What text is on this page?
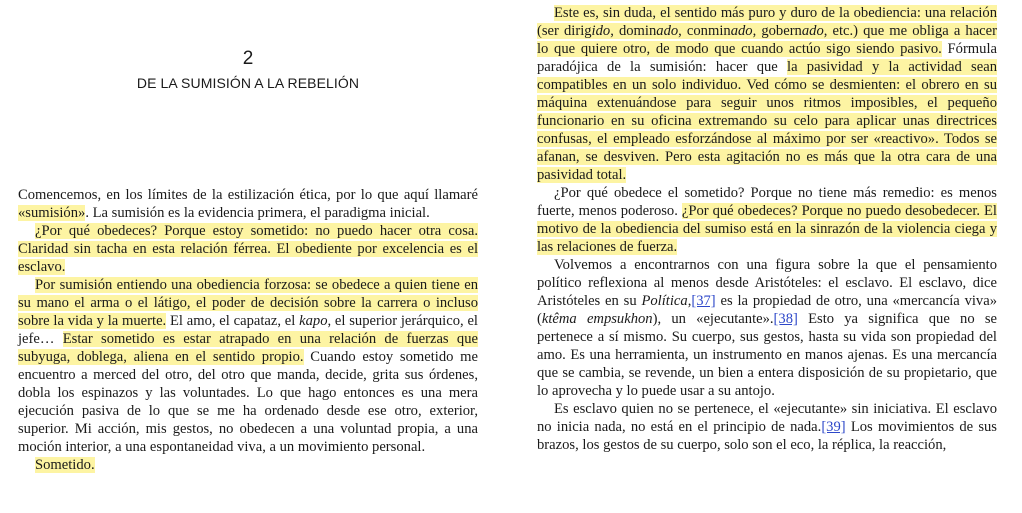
2
DE LA SUMISIÓN A LA REBELIÓN

Comencemos, en los límites de la estilización ética, por lo que aquí llamaré «sumisión». La sumisión es la evidencia primera, el paradigma inicial.

¿Por qué obedeces? Porque estoy sometido: no puedo hacer otra cosa. Claridad sin tacha en esta relación férrea. El obediente por excelencia es el esclavo.

Por sumisión entiendo una obediencia forzosa: se obedece a quien tiene en su mano el arma o el látigo, el poder de decisión sobre la carrera o incluso sobre la vida y la muerte. El amo, el capataz, el kapo, el superior jerárquico, el jefe… Estar sometido es estar atrapado en una relación de fuerzas que subyuga, doblega, aliena en el sentido propio. Cuando estoy sometido me encuentro a merced del otro, del otro que manda, decide, grita sus órdenes, dobla los espinazos y las voluntades. Lo que hago entonces es una mera ejecución pasiva de lo que se me ha ordenado desde ese otro, exterior, superior. Mi acción, mis gestos, no obedecen a una voluntad propia, a una moción interior, a una espontaneidad viva, a un movimiento personal.

Sometido.

Este es, sin duda, el sentido más puro y duro de la obediencia: una relación (ser dirigido, dominado, conminado, gobernado, etc.) que me obliga a hacer lo que quiere otro, de modo que cuando actúo sigo siendo pasivo. Fórmula paradójica de la sumisión: hacer que la pasividad y la actividad sean compatibles en un solo individuo. Ved cómo se desmienten: el obrero en su máquina extenuándose para seguir unos ritmos imposibles, el pequeño funcionario en su oficina extremando su celo para aplicar unas directrices confusas, el empleado esforzándose al máximo por ser «reactivo». Todos se afanan, se desviven. Pero esta agitación no es más que la otra cara de una pasividad total.

¿Por qué obedece el sometido? Porque no tiene más remedio: es menos fuerte, menos poderoso. ¿Por qué obedeces? Porque no puedo desobedecer. El motivo de la obediencia del sumiso está en la sinrazón de la violencia ciega y las relaciones de fuerza.

Volvemos a encontrarnos con una figura sobre la que el pensamiento político reflexiona al menos desde Aristóteles: el esclavo. El esclavo, dice Aristóteles en su Política,[37] es la propiedad de otro, una «mercancía viva» (ktêma empsukhon), un «ejecutante».[38] Esto ya significa que no se pertenece a sí mismo. Su cuerpo, sus gestos, hasta su vida son propiedad del amo. Es una herramienta, un instrumento en manos ajenas. Es una mercancía que se cambia, se revende, un bien a entera disposición de su propietario, que lo aprovecha y lo puede usar a su antojo.

Es esclavo quien no se pertenece, el «ejecutante» sin iniciativa. El esclavo no inicia nada, no está en el principio de nada.[39] Los movimientos de sus brazos, los gestos de su cuerpo, solo son el eco, la réplica, la reacción,
